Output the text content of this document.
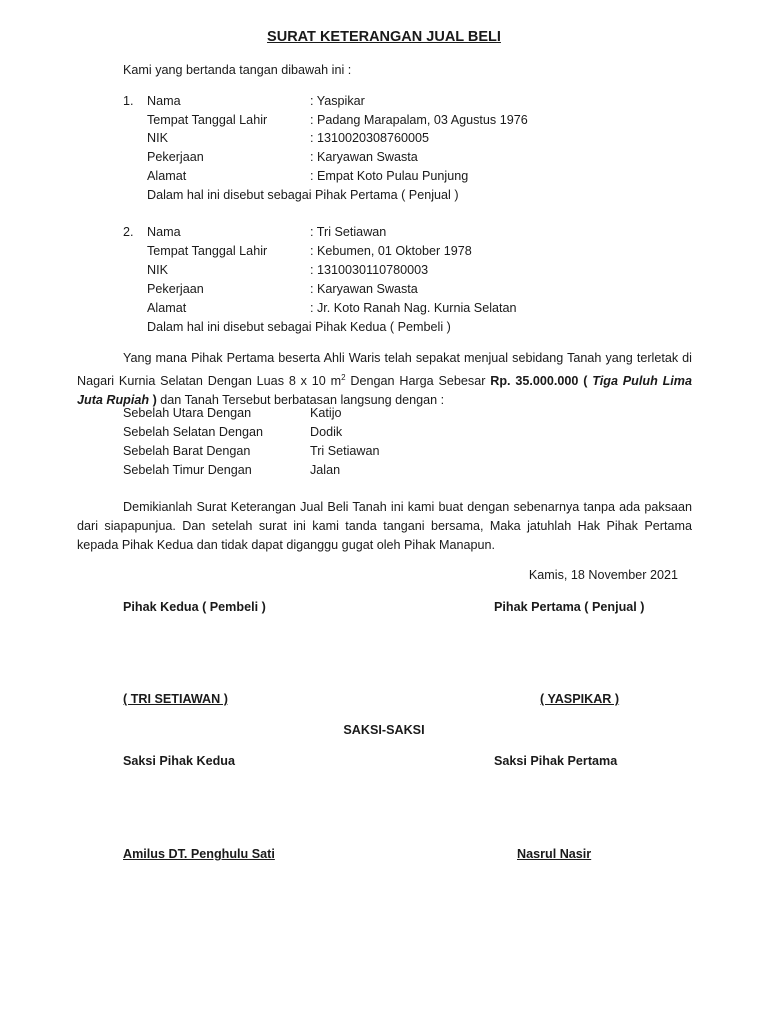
SURAT KETERANGAN JUAL BELI
Kami yang bertanda tangan dibawah ini :
1. Nama	: Yaspikar
Tempat Tanggal Lahir	: Padang Marapalam, 03 Agustus 1976
NIK	: 1310020308760005
Pekerjaan	: Karyawan Swasta
Alamat	: Empat Koto Pulau Punjung
Dalam hal ini disebut sebagai Pihak Pertama ( Penjual )
2. Nama	: Tri Setiawan
Tempat Tanggal Lahir	: Kebumen, 01 Oktober 1978
NIK	: 1310030110780003
Pekerjaan	: Karyawan Swasta
Alamat	: Jr. Koto Ranah Nag. Kurnia Selatan
Dalam hal ini disebut sebagai Pihak Kedua ( Pembeli )
Yang mana Pihak Pertama beserta Ahli Waris telah sepakat menjual sebidang Tanah yang terletak di Nagari Kurnia Selatan Dengan Luas 8 x 10 $m^2$ Dengan Harga Sebesar Rp. 35.000.000 ( Tiga Puluh Lima Juta Rupiah ) dan Tanah Tersebut berbatasan langsung dengan :
Sebelah Utara Dengan	Katijo
Sebelah Selatan Dengan	Dodik
Sebelah Barat Dengan	Tri Setiawan
Sebelah Timur Dengan	Jalan
Demikianlah Surat Keterangan Jual Beli Tanah ini kami buat dengan sebenarnya tanpa ada paksaan dari siapapunjua. Dan setelah surat ini kami tanda tangani bersama, Maka jatuhlah Hak Pihak Pertama kepada Pihak Kedua dan tidak dapat diganggu gugat oleh Pihak Manapun.
Kamis, 18 November 2021
Pihak Kedua ( Pembeli )	Pihak Pertama ( Penjual )
( TRI SETIAWAN )	( YASPIKAR )
SAKSI-SAKSI
Saksi Pihak Kedua	Saksi Pihak Pertama
Amilus DT. Penghulu Sati	Nasrul Nasir
